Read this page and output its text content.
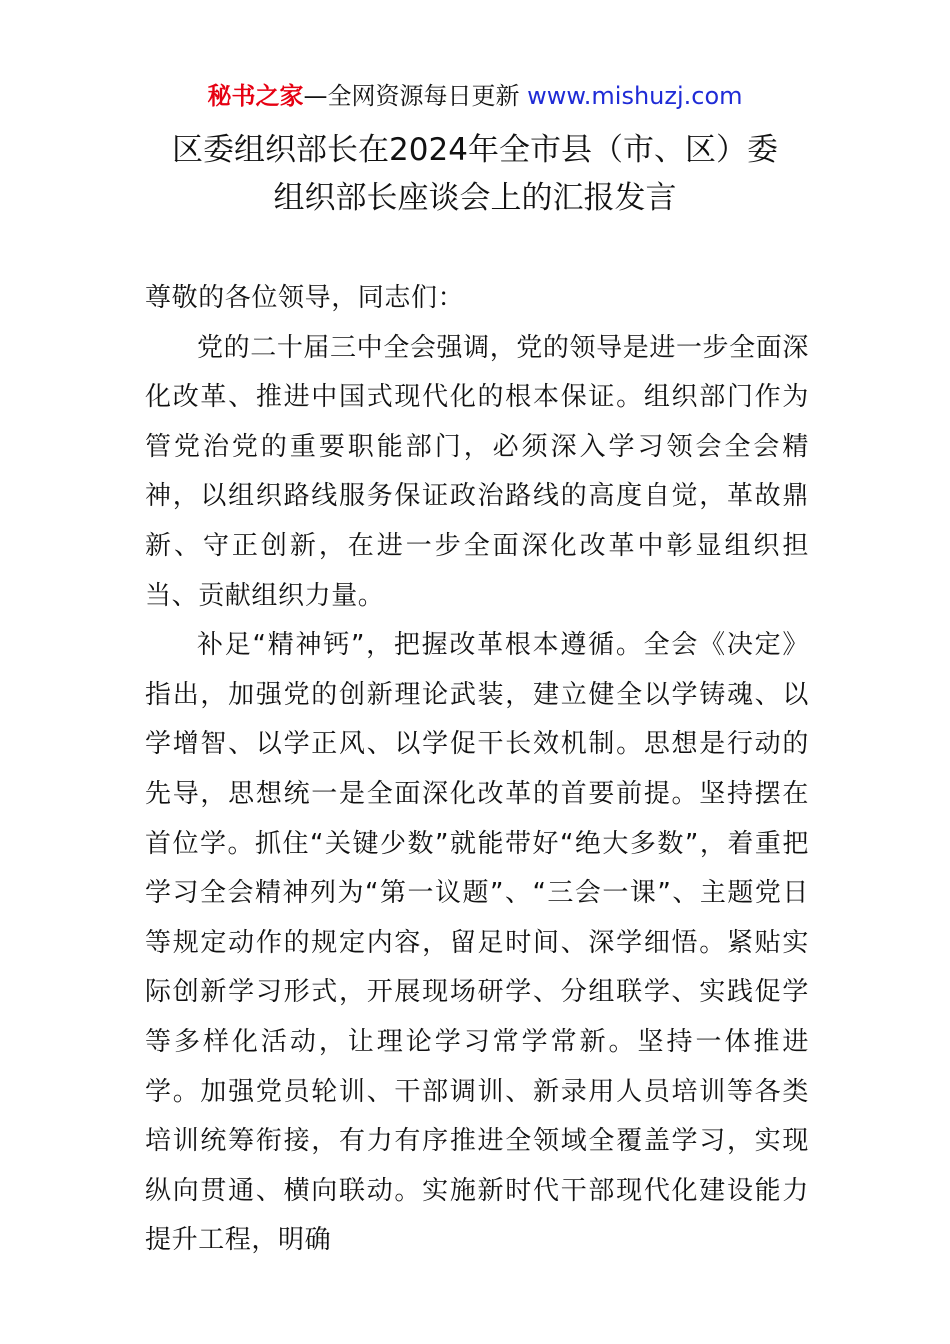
秘书之家—全网资源每日更新 www.mishuzj.com
区委组织部长在2024年全市县（市、区）委
组织部长座谈会上的汇报发言

尊敬的各位领导，同志们：

党的二十届三中全会强调，党的领导是进一步全面深化改革、推进中国式现代化的根本保证。组织部门作为管党治党的重要职能部门，必须深入学习领会全会精神，以组织路线服务保证政治路线的高度自觉，革故鼎新、守正创新，在进一步全面深化改革中彰显组织担当、贡献组织力量。

补足“精神钙”，把握改革根本遵循。全会《决定》指出，加强党的创新理论武装，建立健全以学铸魂、以学增智、以学正风、以学促干长效机制。思想是行动的先导，思想统一是全面深化改革的首要前提。坚持摆在首位学。抓住“关键少数”就能带好“绝大多数”，着重把学习全会精神列为“第一议题”、“三会一课”、主题党日等规定动作的规定内容，留足时间、深学细悟。紧贴实际创新学习形式，开展现场研学、分组联学、实践促学等多样化活动，让理论学习常学常新。坚持一体推进学。加强党员轮训、干部调训、新录用人员培训等各类培训统筹衔接，有力有序推进全领域全覆盖学习，实现纵向贯通、横向联动。实施新时代干部现代化建设能力提升工程，明确
